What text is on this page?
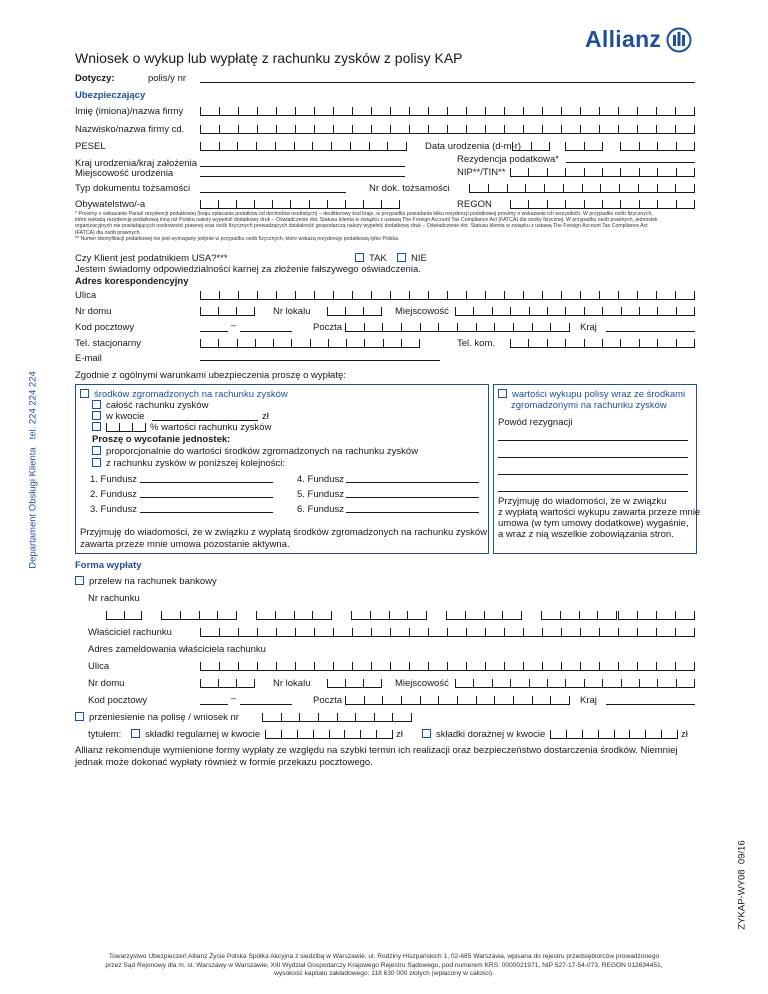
Allianz
Wniosek o wykup lub wypłatę z rachunku zysków z polisy KAP
Departament Obsługi Klienta   tel. 224 224 224
ZYKAP-WY08  09/16
Dotyczy:	polis/y nr
Ubezpieczający
Imię (imiona)/nazwa firmy
Nazwisko/nazwa firmy cd.
PESEL	Data urodzenia (d-m-r)
Kraj urodzenia/kraj założenia	Rezydencja podatkowa*
Miejscowość urodzenia	NIP**/TIN**
Typ dokumentu tożsamości	Nr dok. tożsamości
Obywatelstwo/-a	REGON
* Prosimy o wskazanie Pana/i rezydencji podatkowej (kraju opłacania podatków od dochodów osobistych) – deulitterowy kod kraju, w przypadku posiadania kilku rezydencji podatkowej prosimy o wskazanie ich wszystkich. W przypadku osób fizycznych,
które wskażą rezydencję podatkową inną niż Polska należy wypełnić dodatkowy druk – Oświadczenie dot. Statusu klienta w związku z ustawą The Foreign Account Tax Compliance Act (FATCA) dla osoby fizycznej. W przypadku osób prawnych, jednostek
organizacyjnych nie posiadających osobowości prawnej oraz osób fizycznych prowadzących działalność gospodarczą należy wypełnić dodatkowy druk – Oświadczenie dot. Statusu klienta w związku z ustawą The Foreign Account Tax Compliance Act
(FATCA) dla osób prawnych.
** Numer identyfikacji podatkowej nie jest wymagany jedynie w przypadku osób fizycznych, które wskażą rezydencję podatkową tylko Polska.
Czy Klient jest podatnikiem USA?***	TAK	NIE
Jestem świadomy odpowiedzialności karnej za złożenie fałszywego oświadczenia.
Adres korespondencyjny
Ulica
Nr domu	Nr lokalu	Miejscowość
Kod pocztowy	–	Poczta	Kraj
Tel. stacjonarny	Tel. kom.
E-mail
Zgodnie z ogólnymi warunkami ubezpieczenia proszę o wypłatę:
środków zgromadzonych na rachunku zysków
całość rachunku zysków
w kwocie	zł
% wartości rachunku zysków
Proszę o wycofanie jednostek:
proporcjonalnie do wartości środków zgromadzonych na rachunku zysków
z rachunku zysków w poniższej kolejności:
1. Fundusz
2. Fundusz
3. Fundusz
4. Fundusz
5. Fundusz
6. Fundusz
Przyjmuję do wiadomości, że w związku z wypłatą środków zgromadzonych na rachunku zysków
zawarta przeze mnie umowa pozostanie aktywna.
wartości wykupu polisy wraz ze środkami
zgromadzonymi na rachunku zysków
Powód rezygnacji
Przyjmuję do wiadomości, że w związku
z wypłatą wartości wykupu zawarta przeze mnie
umowa (w tym umowy dodatkowe) wygaśnie,
a wraz z nią wszelkie zobowiązania stron.
Forma wypłaty
przelew na rachunek bankowy
Nr rachunku
Właściciel rachunku
Adres zameldowania właściciela rachunku
Ulica
Nr domu	Nr lokalu	Miejscowość
Kod pocztowy	–	Poczta	Kraj
przeniesienie na polisę / wniosek nr
tytułem:	składki regularnej w kwocie	zł	składki dorażnej w kwocie	zł
Allianz rekomenduje wymienione formy wypłaty ze względu na szybki termin ich realizacji oraz bezpieczeństwo dostarczenia środków. Niemniej
jednak może dokonać wypłaty również w formie przekazu pocztowego.
Towarzystwo Ubezpieczeń Allianz Życie Polska Spółka Akcyjna z siedzibą w Warszawie, ul. Rodziny Hiszpańskich 1, 02-685 Warszawa, wpisana do rejestru przedsiębiorców prowadzonego
przez Sąd Rejonowy dla m. st. Warszawy w Warszawie, XIII Wydział Gospodarczy Krajowego Rejestru Sądowego, pod numerem KRS: 0000021971, NIP 527-17-54-073, REGON 012634451,
wysokość kapitału zakładowego: 118 630 000 złotych (wpłacony w całości).
